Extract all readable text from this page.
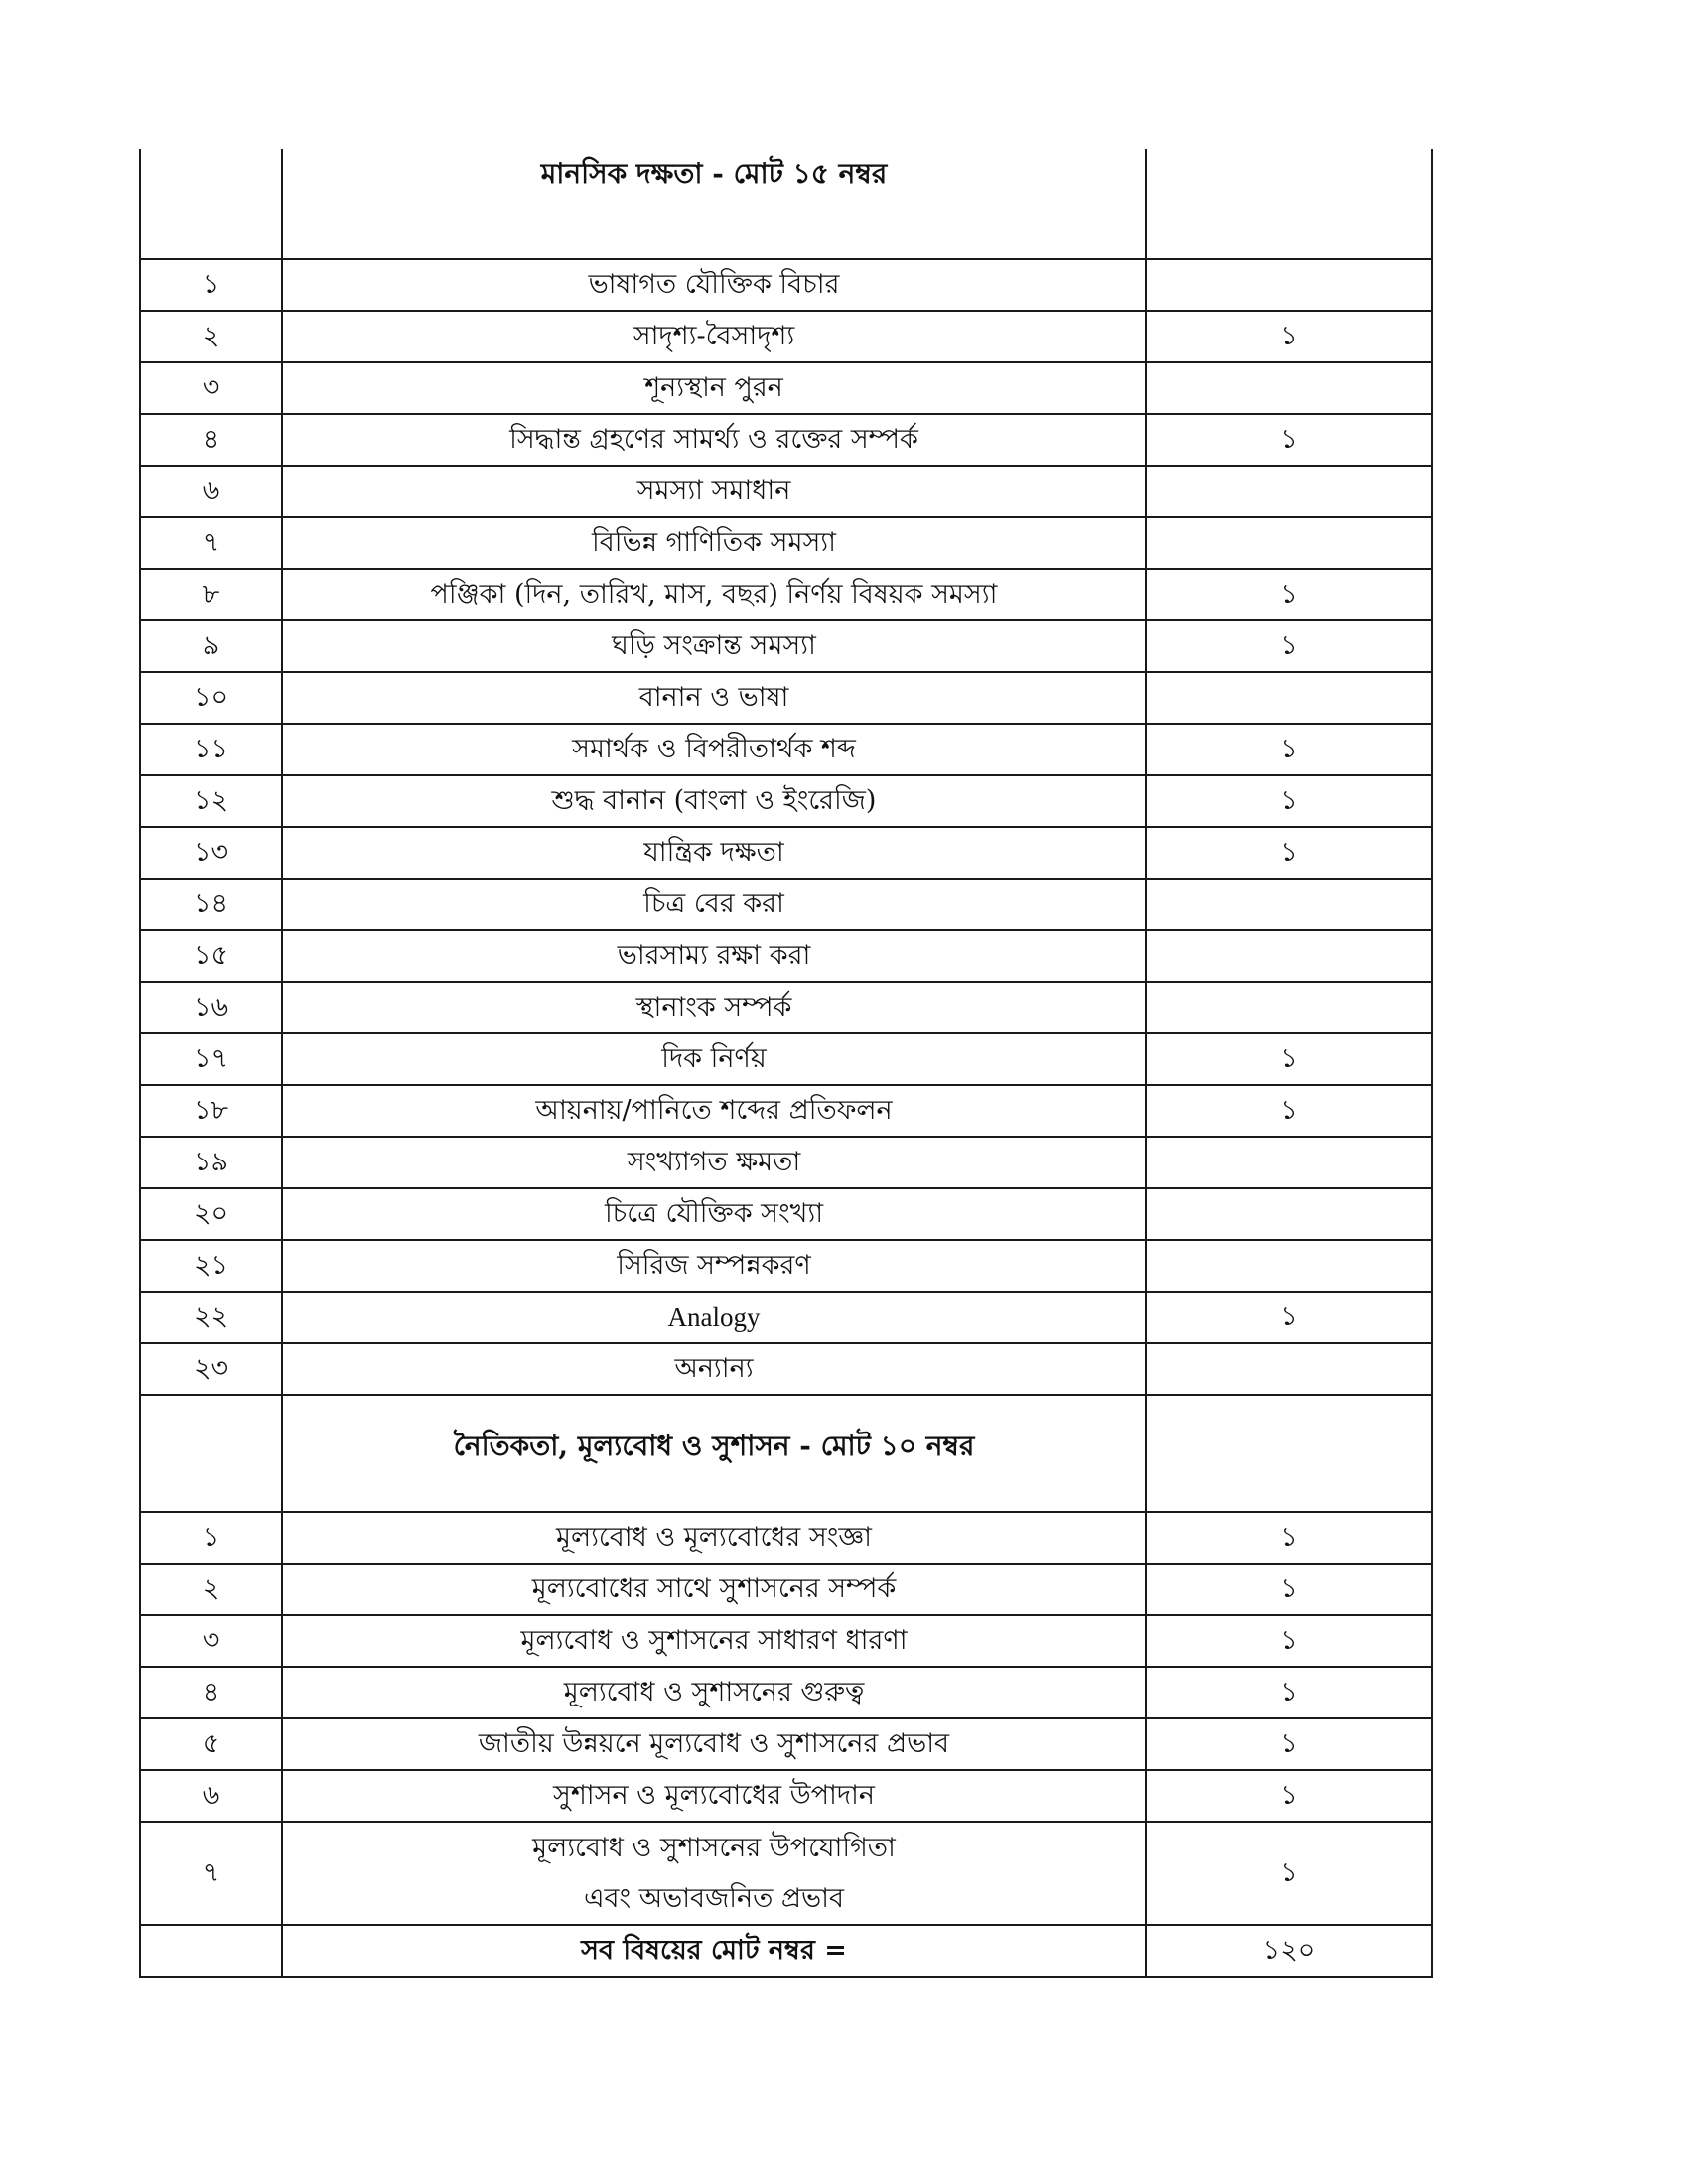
	মানসিক দক্ষতা - মোট ১৫ নম্বর	
১	ভাষাগত যৌক্তিক বিচার	
২	সাদৃশ্য-বৈসাদৃশ্য	১
৩	শূন্যস্থান পুরন	
৪	সিদ্ধান্ত গ্রহণের সামর্থ্য ও রক্তের সম্পর্ক	১
৬	সমস্যা সমাধান	
৭	বিভিন্ন গাণিতিক সমস্যা	
৮	পঞ্জিকা (দিন, তারিখ, মাস, বছর) নির্ণয় বিষয়ক সমস্যা	১
৯	ঘড়ি সংক্রান্ত সমস্যা	১
১০	বানান ও ভাষা	
১১	সমার্থক ও বিপরীতার্থক শব্দ	১
১২	শুদ্ধ বানান (বাংলা ও ইংরেজি)	১
১৩	যান্ত্রিক দক্ষতা	১
১৪	চিত্র বের করা	
১৫	ভারসাম্য রক্ষা করা	
১৬	স্থানাংক সম্পর্ক	
১৭	দিক নির্ণয়	১
১৮	আয়নায়/পানিতে শব্দের প্রতিফলন	১
১৯	সংখ্যাগত ক্ষমতা	
২০	চিত্রে যৌক্তিক সংখ্যা	
২১	সিরিজ সম্পন্নকরণ	
২২	Analogy	১
২৩	অন্যান্য	
	নৈতিকতা, মূল্যবোধ ও সুশাসন - মোট ১০ নম্বর	
১	মূল্যবোধ ও মূল্যবোধের সংজ্ঞা	১
২	মূল্যবোধের সাথে সুশাসনের সম্পর্ক	১
৩	মূল্যবোধ ও সুশাসনের সাধারণ ধারণা	১
৪	মূল্যবোধ ও সুশাসনের গুরুত্ব	১
৫	জাতীয় উন্নয়নে মূল্যবোধ ও সুশাসনের প্রভাব	১
৬	সুশাসন ও মূল্যবোধের উপাদান	১
৭	মূল্যবোধ ও সুশাসনের উপযোগিতা
এবং অভাবজনিত প্রভাব	১
	সব বিষয়ের মোট নম্বর =	১২০
